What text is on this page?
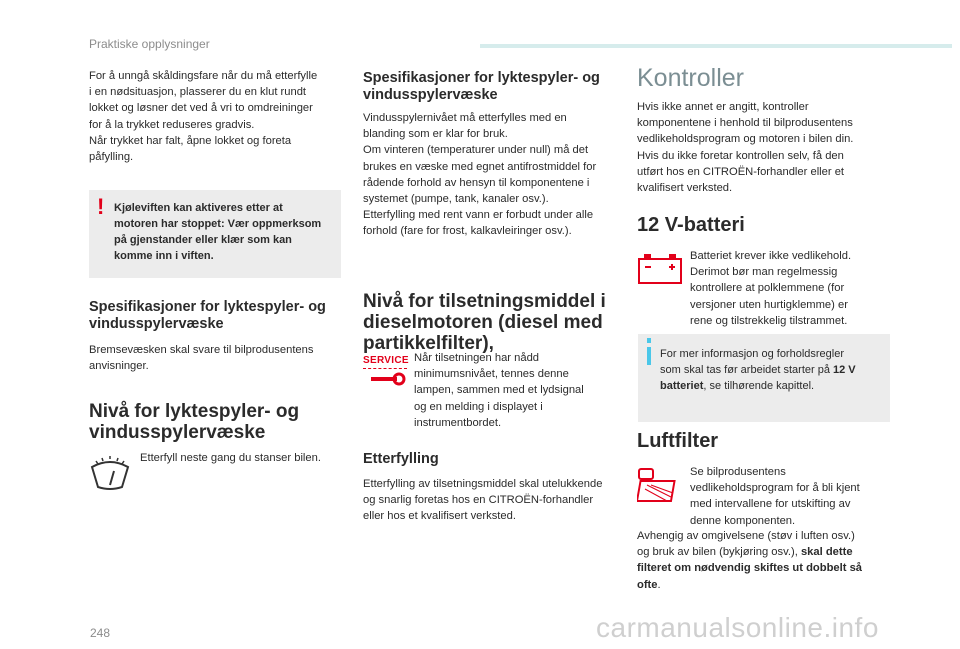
Praktiske opplysninger

For å unngå skåldingsfare når du må etterfylle
i en nødsituasjon, plasserer du en klut rundt
lokket og løsner det ved å vri to omdreininger
for å la trykket reduseres gradvis.
Når trykket har falt, åpne lokket og foreta
påfylling.

! Kjøleviften kan aktiveres etter at
motoren har stoppet: Vær oppmerksom
på gjenstander eller klær som kan
komme inn i viften.

Spesifikasjoner for lyktespyler- og vindusspylervæske

Bremsevæsken skal svare til bilprodusentens
anvisninger.

Nivå for lyktespyler- og vindusspylervæske

Etterfyll neste gang du stanser bilen.

Spesifikasjoner for lyktespyler- og vindusspylervæske

Vindusspylernivået må etterfylles med en
blanding som er klar for bruk.
Om vinteren (temperaturer under null) må det
brukes en væske med egnet antifrostmiddel for
rådende forhold av hensyn til komponentene i
systemet (pumpe, tank, kanaler osv.).
Etterfylling med rent vann er forbudt under alle
forhold (fare for frost, kalkavleiringer osv.).

Nivå for tilsetningsmiddel i dieselmotoren (diesel med partikkelfilter),
SERVICE Når tilsetningen har nådd
minimumsnivået, tennes denne
lampen, sammen med et lydsignal
og en melding i displayet i
instrumentbordet.

Etterfylling

Etterfylling av tilsetningsmiddel skal utelukkende
og snarlig foretas hos en CITROËN-forhandler
eller hos et kvalifisert verksted.

Kontroller

Hvis ikke annet er angitt, kontroller
komponentene i henhold til bilprodusentens
vedlikeholdsprogram og motoren i bilen din.
Hvis du ikke foretar kontrollen selv, få den
utført hos en CITROËN-forhandler eller et
kvalifisert verksted.

12 V-batteri

Batteriet krever ikke vedlikehold.
Derimot bør man regelmessig
kontrollere at polklemmene (for
versjoner uten hurtigklemme) er
rene og tilstrekkelig tilstrammet.

For mer informasjon og forholdsregler
som skal tas før arbeidet starter på 12 V
batteriet, se tilhørende kapittel.

Luftfilter

Se bilprodusentens
vedlikeholdsprogram for å bli kjent
med intervallene for utskifting av
denne komponenten.

Avhengig av omgivelsene (støv i luften osv.)
og bruk av bilen (bykjøring osv.), skal dette
filteret om nødvendig skiftes ut dobbelt så
ofte.

248	carmanualsonline.info
